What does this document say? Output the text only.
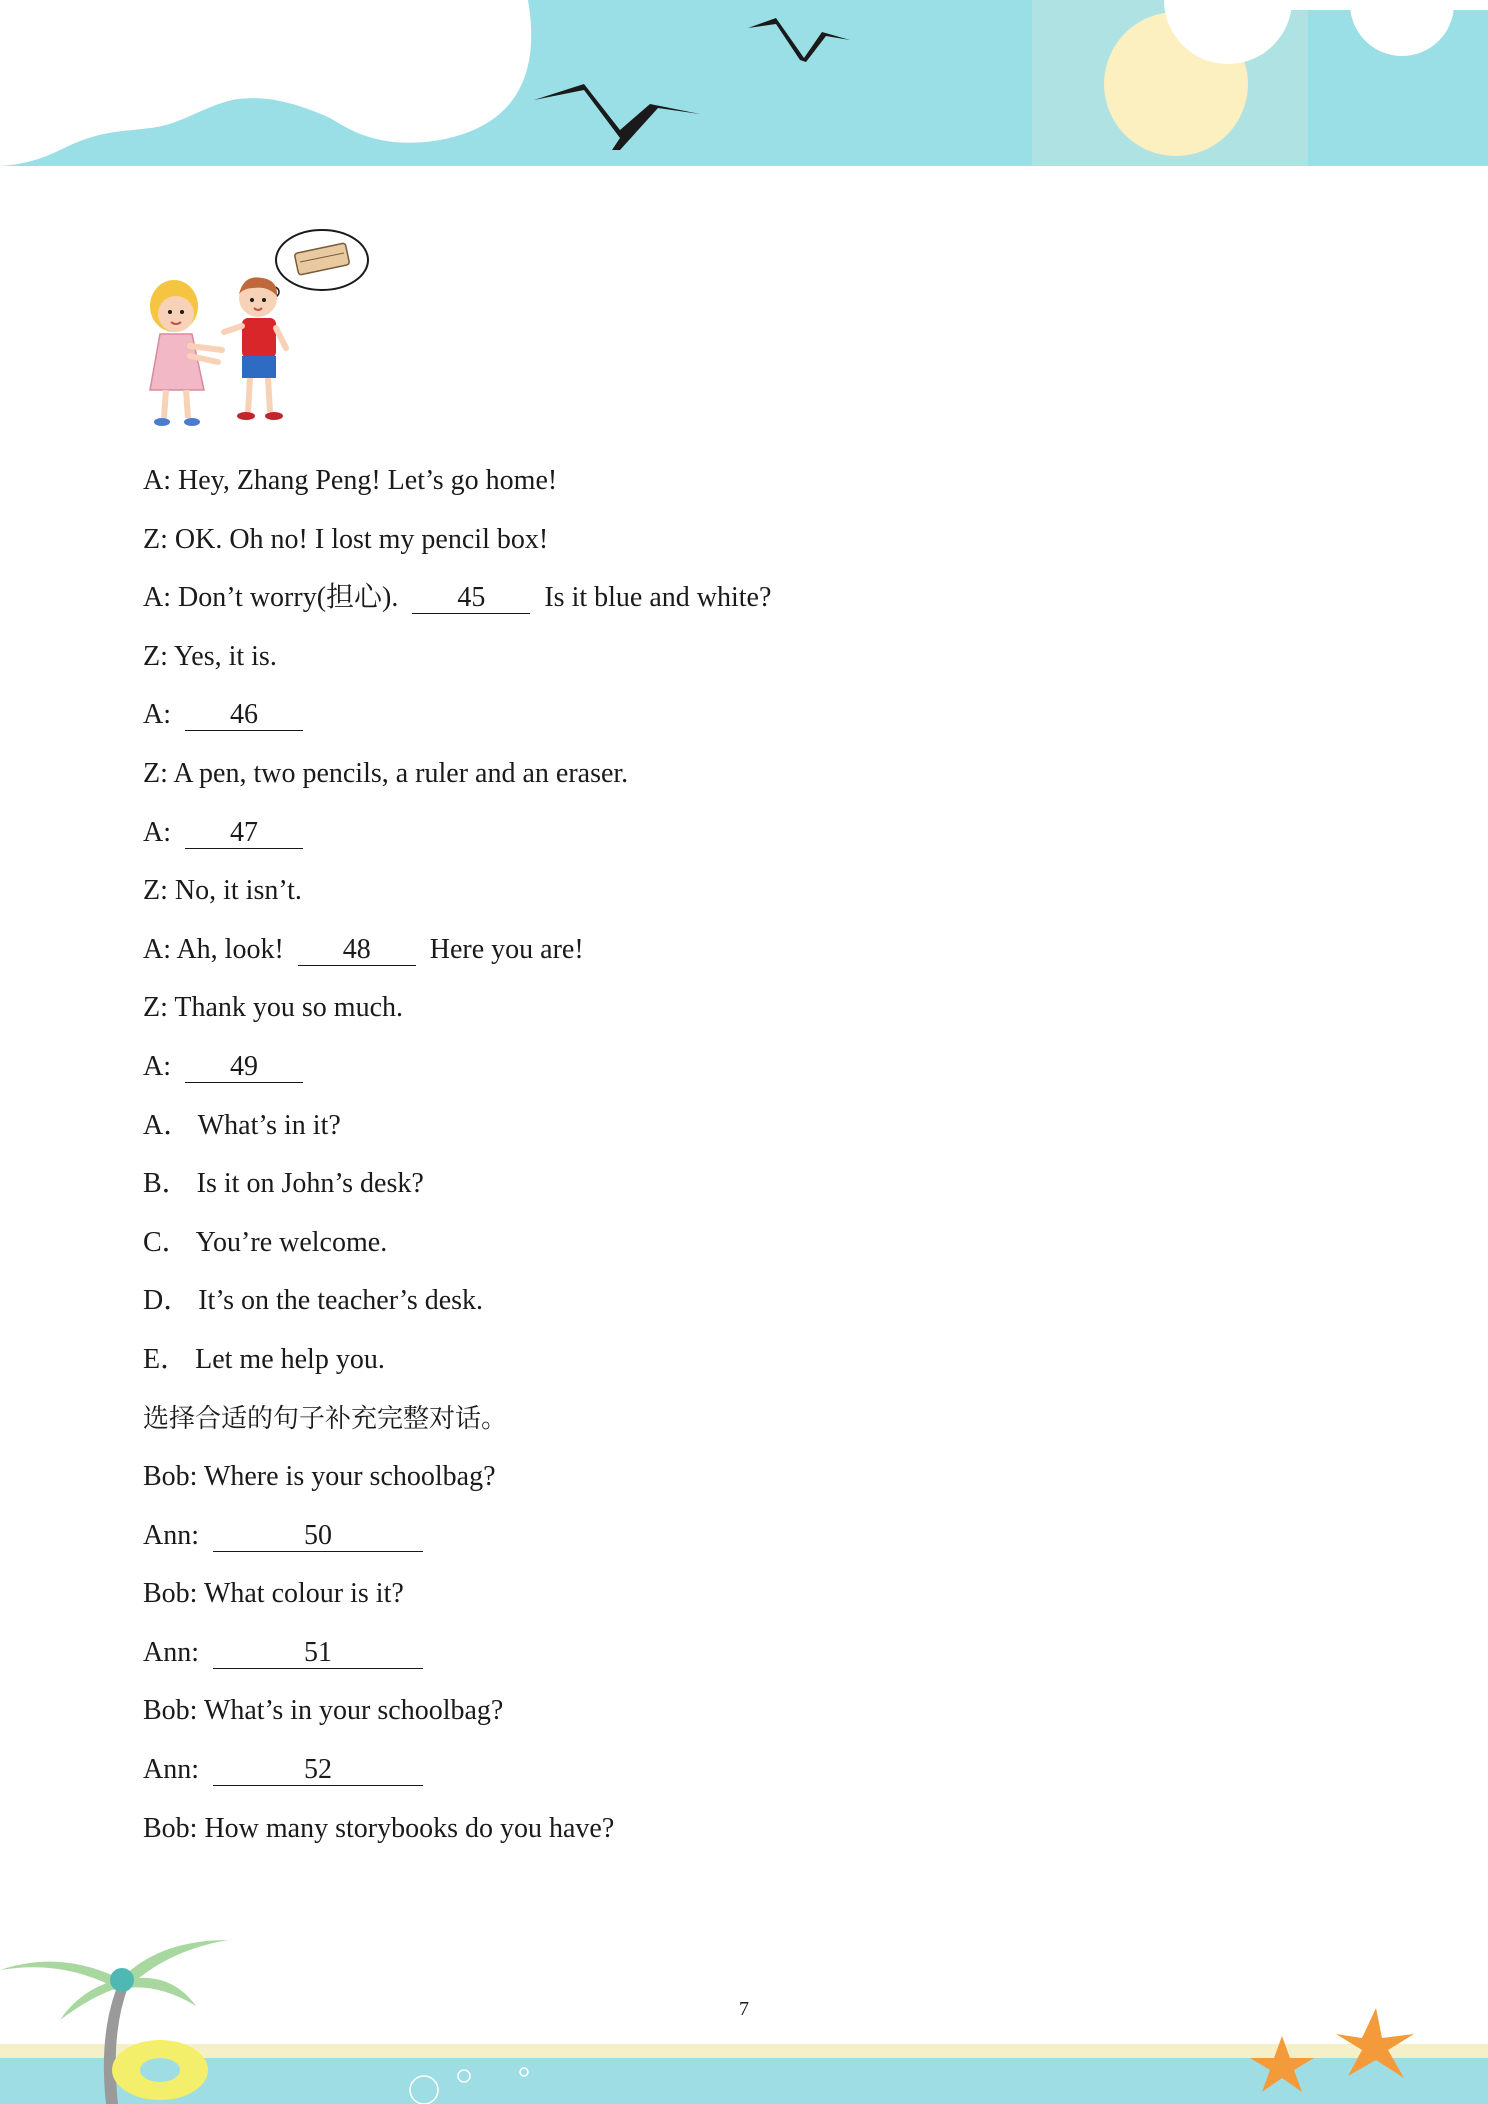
A: Hey, Zhang Peng! Let’s go home!
Z: OK. Oh no! I lost my pencil box!
A: Don’t worry(担心). 45 Is it blue and white?
Z: Yes, it is.
A: 46
Z: A pen, two pencils, a ruler and an eraser.
A: 47
Z: No, it isn’t.
A: Ah, look! 48 Here you are!
Z: Thank you so much.
A: 49
A． What’s in it?
B． Is it on John’s desk?
C． You’re welcome.
D． It’s on the teacher’s desk.
E． Let me help you.
选择合适的句子补充完整对话。
Bob: Where is your schoolbag?
Ann:	50
Bob: What colour is it?
Ann:	51
Bob: What’s in your schoolbag?
Ann:	52
Bob: How many storybooks do you have?
7
